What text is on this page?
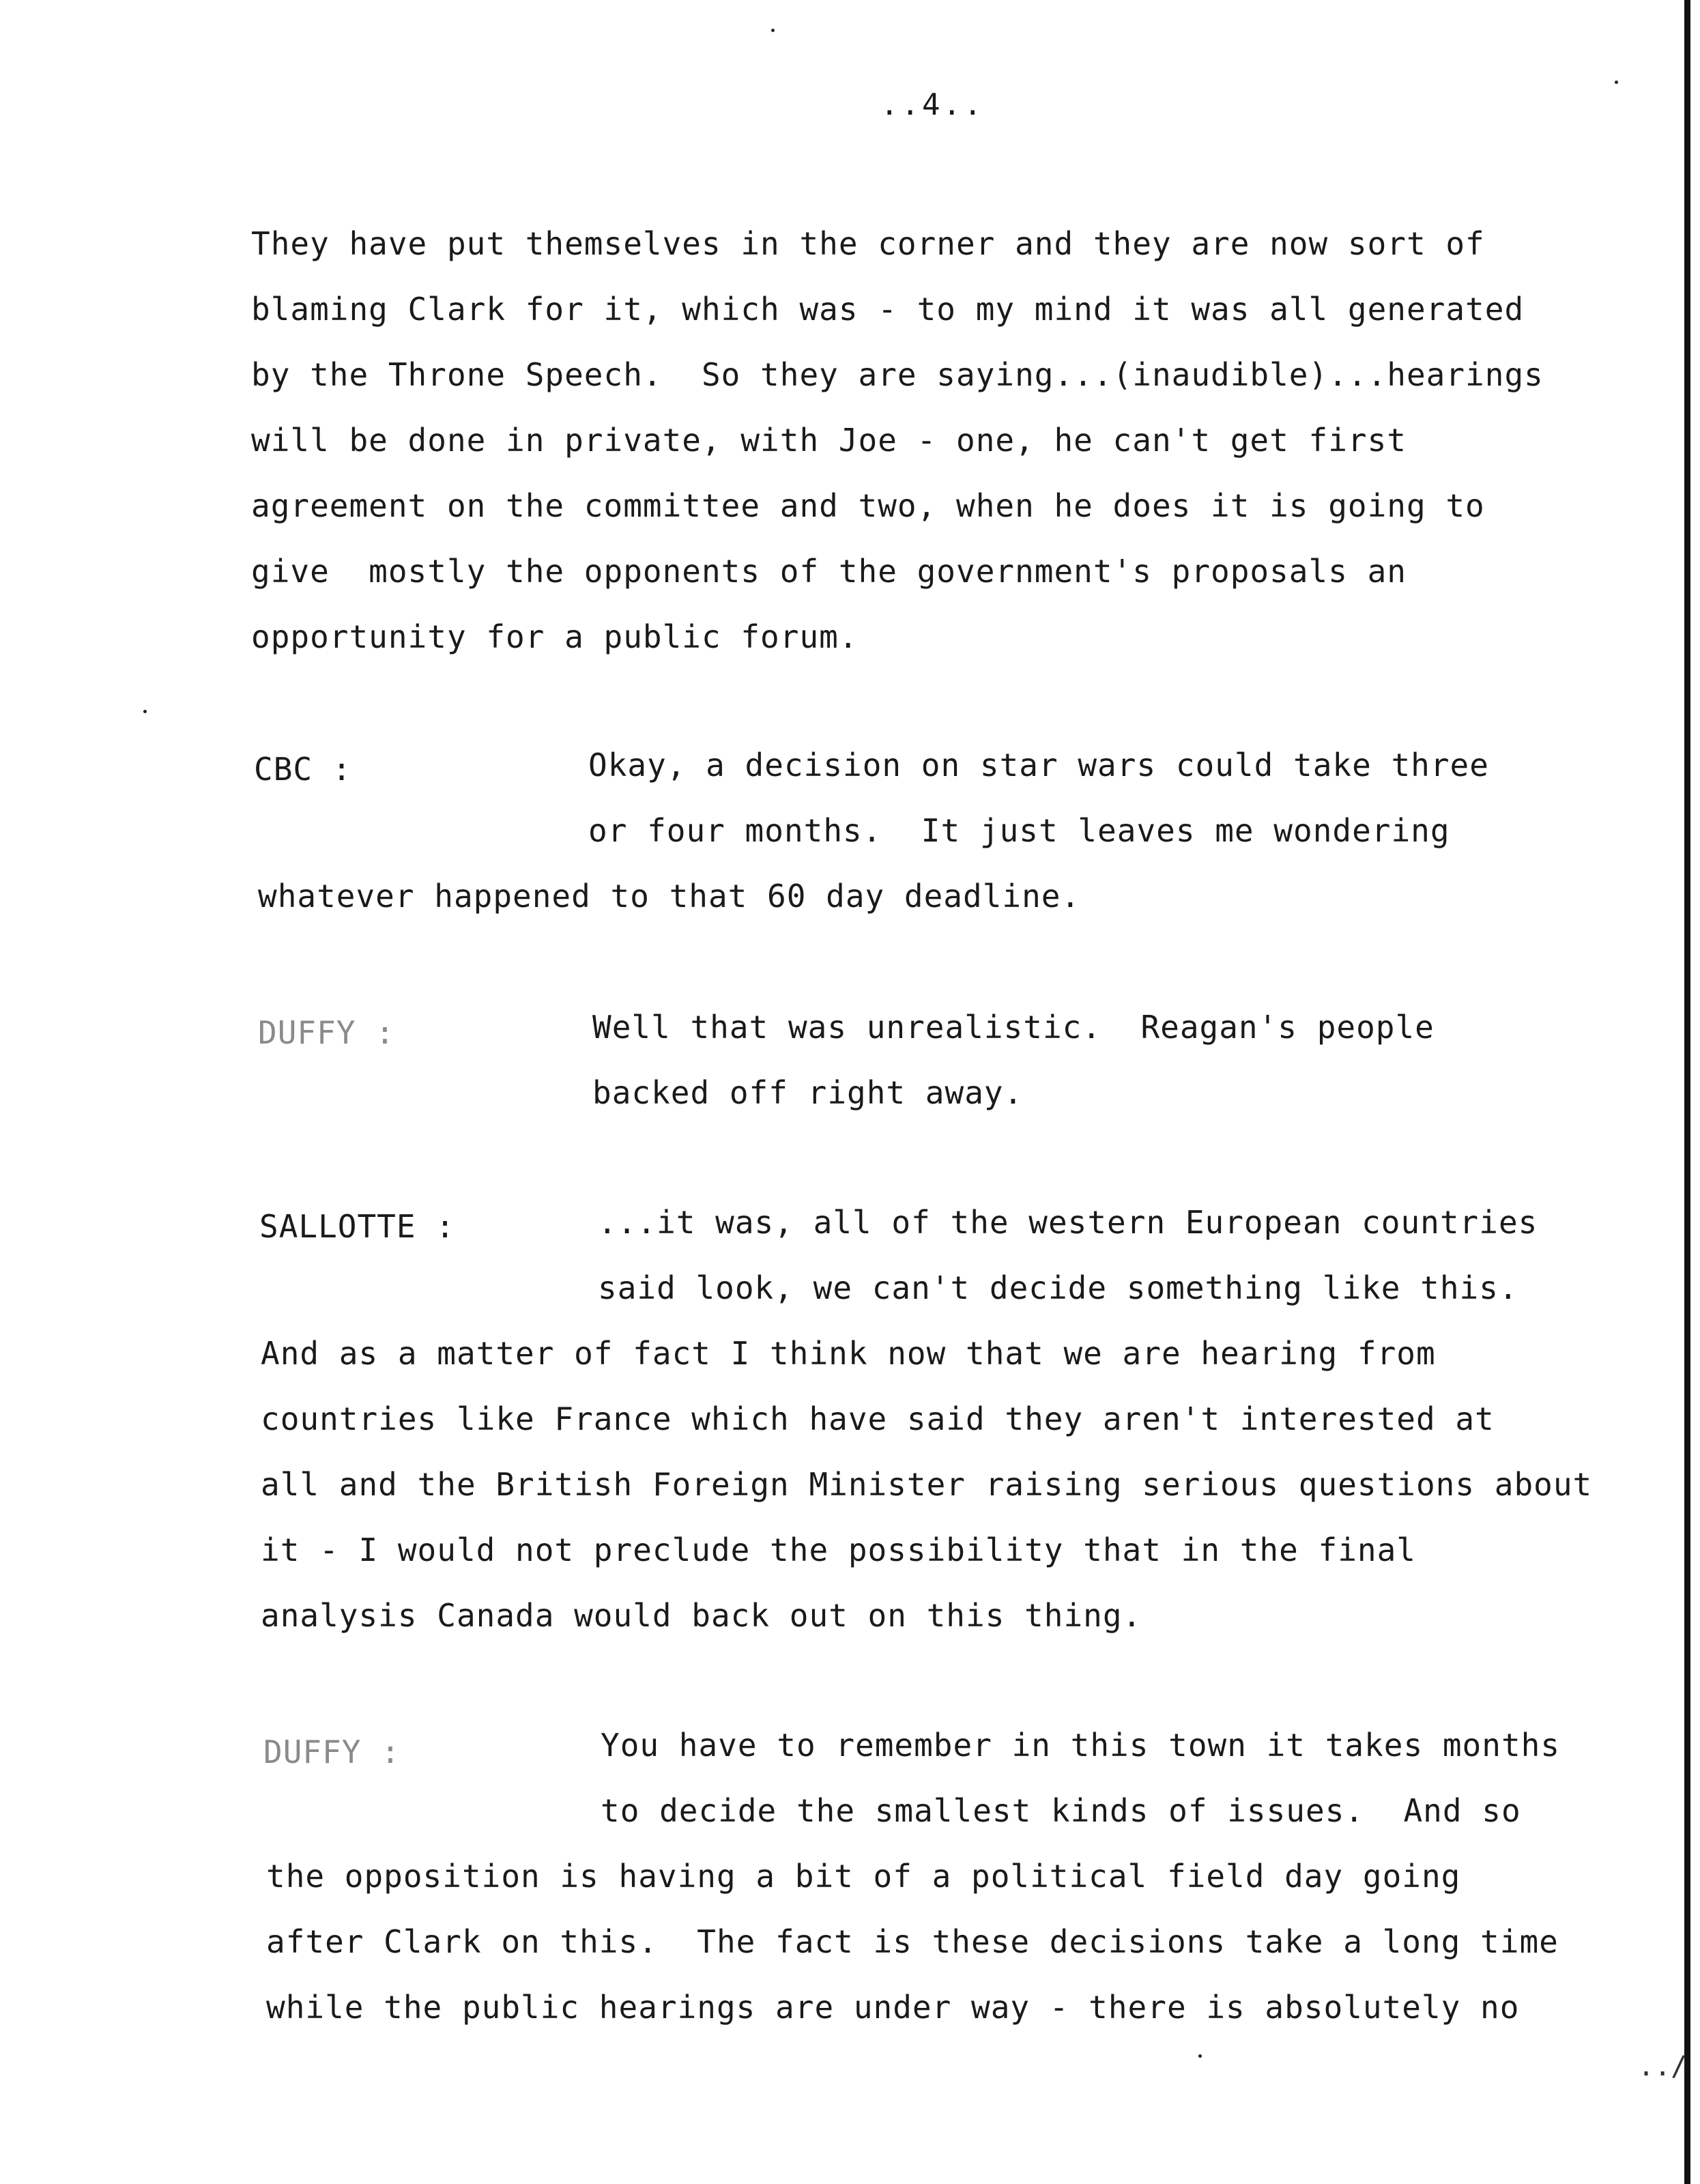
..4..
They have put themselves in the corner and they are now sort of
blaming Clark for it, which was - to my mind it was all generated
by the Throne Speech.  So they are saying...(inaudible)...hearings
will be done in private, with Joe - one, he can't get first
agreement on the committee and two, when he does it is going to
give  mostly the opponents of the government's proposals an
opportunity for a public forum.
CBC :	Okay, a decision on star wars could take three
or four months.  It just leaves me wondering
whatever happened to that 60 day deadline.
DUFFY :	Well that was unrealistic.  Reagan's people
backed off right away.
SALLOTTE :	...it was, all of the western European countries
said look, we can't decide something like this.
And as a matter of fact I think now that we are hearing from
countries like France which have said they aren't interested at
all and the British Foreign Minister raising serious questions about
it - I would not preclude the possibility that in the final
analysis Canada would back out on this thing.
DUFFY :	You have to remember in this town it takes months
to decide the smallest kinds of issues.  And so
the opposition is having a bit of a political field day going
after Clark on this.  The fact is these decisions take a long time
while the public hearings are under way - there is absolutely no
../
